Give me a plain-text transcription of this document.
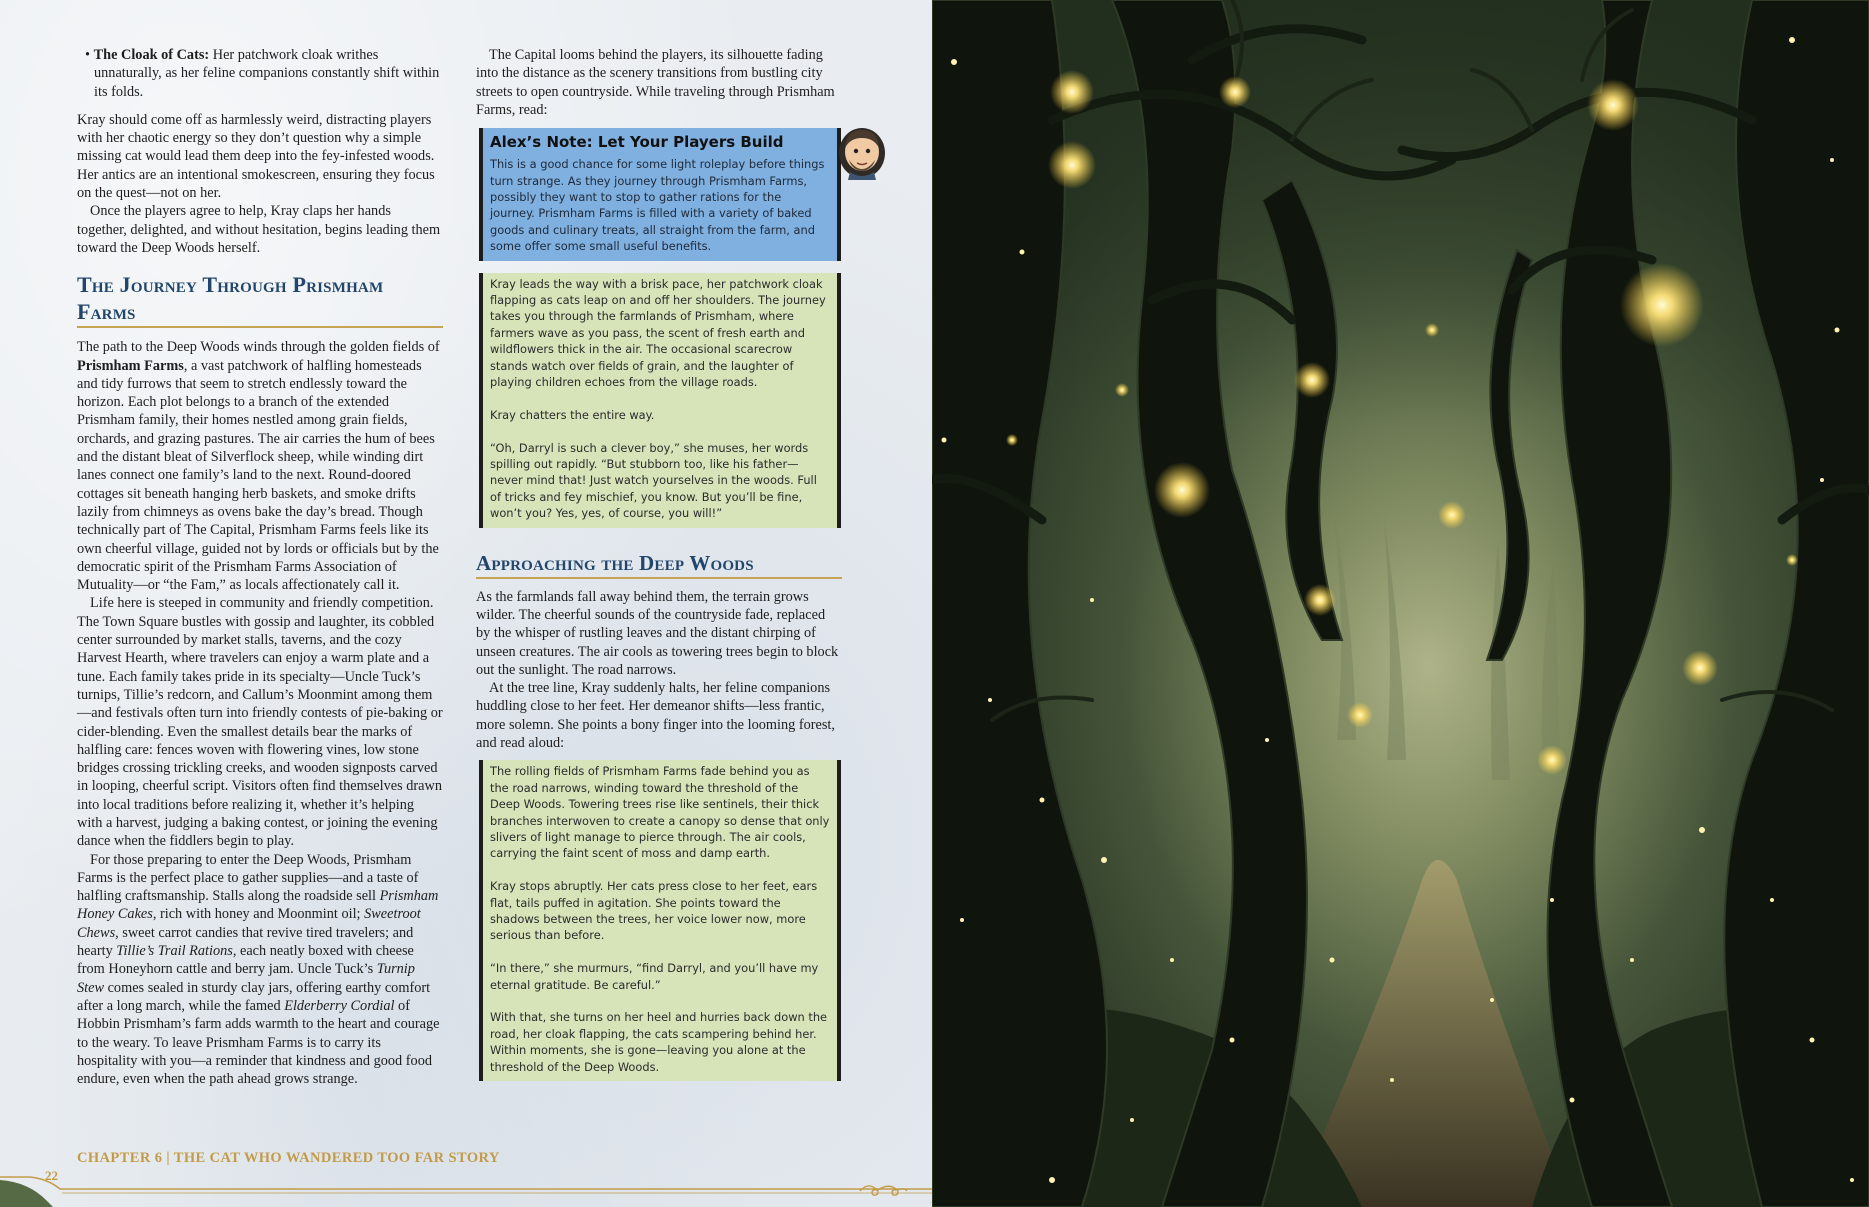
• The Cloak of Cats: Her patchwork cloak writhes unnaturally, as her feline companions constantly shift within its folds.

Kray should come off as harmlessly weird, distracting players with her chaotic energy so they don’t question why a simple missing cat would lead them deep into the fey-infested woods. Her antics are an intentional smokescreen, ensuring they focus on the quest—not on her.

Once the players agree to help, Kray claps her hands together, delighted, and without hesitation, begins leading them toward the Deep Woods herself.

The Journey Through Prismham Farms

The path to the Deep Woods winds through the golden fields of Prismham Farms, a vast patchwork of halfling homesteads and tidy furrows that seem to stretch endlessly toward the horizon. Each plot belongs to a branch of the extended Prismham family, their homes nestled among grain fields, orchards, and grazing pastures. The air carries the hum of bees and the distant bleat of Silverflock sheep, while winding dirt lanes connect one family’s land to the next. Round-doored cottages sit beneath hanging herb baskets, and smoke drifts lazily from chimneys as ovens bake the day’s bread. Though technically part of The Capital, Prismham Farms feels like its own cheerful village, guided not by lords or officials but by the democratic spirit of the Prismham Farms Association of Mutuality—or “the Fam,” as locals affectionately call it.

Life here is steeped in community and friendly competition. The Town Square bustles with gossip and laughter, its cobbled center surrounded by market stalls, taverns, and the cozy Harvest Hearth, where travelers can enjoy a warm plate and a tune. Each family takes pride in its specialty—Uncle Tuck’s turnips, Tillie’s redcorn, and Callum’s Moonmint among them—and festivals often turn into friendly contests of pie-baking or cider-blending. Even the smallest details bear the marks of halfling care: fences woven with flowering vines, low stone bridges crossing trickling creeks, and wooden signposts carved in looping, cheerful script. Visitors often find themselves drawn into local traditions before realizing it, whether it’s helping with a harvest, judging a baking contest, or joining the evening dance when the fiddlers begin to play.

For those preparing to enter the Deep Woods, Prismham Farms is the perfect place to gather supplies—and a taste of halfling craftsmanship. Stalls along the roadside sell Prismham Honey Cakes, rich with honey and Moonmint oil; Sweetroot Chews, sweet carrot candies that revive tired travelers; and hearty Tillie’s Trail Rations, each neatly boxed with cheese from Honeyhorn cattle and berry jam. Uncle Tuck’s Turnip Stew comes sealed in sturdy clay jars, offering earthy comfort after a long march, while the famed Elderberry Cordial of Hobbin Prismham’s farm adds warmth to the heart and courage to the weary. To leave Prismham Farms is to carry its hospitality with you—a reminder that kindness and good food endure, even when the path ahead grows strange.

The Capital looms behind the players, its silhouette fading into the distance as the scenery transitions from bustling city streets to open countryside. While traveling through Prismham Farms, read:

Alex’s Note: Let Your Players Build

This is a good chance for some light roleplay before things turn strange. As they journey through Prismham Farms, possibly they want to stop to gather rations for the journey. Prismham Farms is filled with a variety of baked goods and culinary treats, all straight from the farm, and some offer some small useful benefits.

Kray leads the way with a brisk pace, her patchwork cloak flapping as cats leap on and off her shoulders. The journey takes you through the farmlands of Prismham, where farmers wave as you pass, the scent of fresh earth and wildflowers thick in the air. The occasional scarecrow stands watch over fields of grain, and the laughter of playing children echoes from the village roads.

Kray chatters the entire way.

“Oh, Darryl is such a clever boy,” she muses, her words spilling out rapidly. “But stubborn too, like his father—never mind that! Just watch yourselves in the woods. Full of tricks and fey mischief, you know. But you’ll be fine, won’t you? Yes, yes, of course, you will!”

Approaching the Deep Woods

As the farmlands fall away behind them, the terrain grows wilder. The cheerful sounds of the countryside fade, replaced by the whisper of rustling leaves and the distant chirping of unseen creatures. The air cools as towering trees begin to block out the sunlight. The road narrows.

At the tree line, Kray suddenly halts, her feline companions huddling close to her feet. Her demeanor shifts—less frantic, more solemn. She points a bony finger into the looming forest, and read aloud:

The rolling fields of Prismham Farms fade behind you as the road narrows, winding toward the threshold of the Deep Woods. Towering trees rise like sentinels, their thick branches interwoven to create a canopy so dense that only slivers of light manage to pierce through. The air cools, carrying the faint scent of moss and damp earth.

Kray stops abruptly. Her cats press close to her feet, ears flat, tails puffed in agitation. She points toward the shadows between the trees, her voice lower now, more serious than before.

“In there,” she murmurs, “find Darryl, and you’ll have my eternal gratitude. Be careful.”

With that, she turns on her heel and hurries back down the road, her cloak flapping, the cats scampering behind her. Within moments, she is gone—leaving you alone at the threshold of the Deep Woods.

CHAPTER 6 | THE CAT WHO WANDERED TOO FAR STORY
22
